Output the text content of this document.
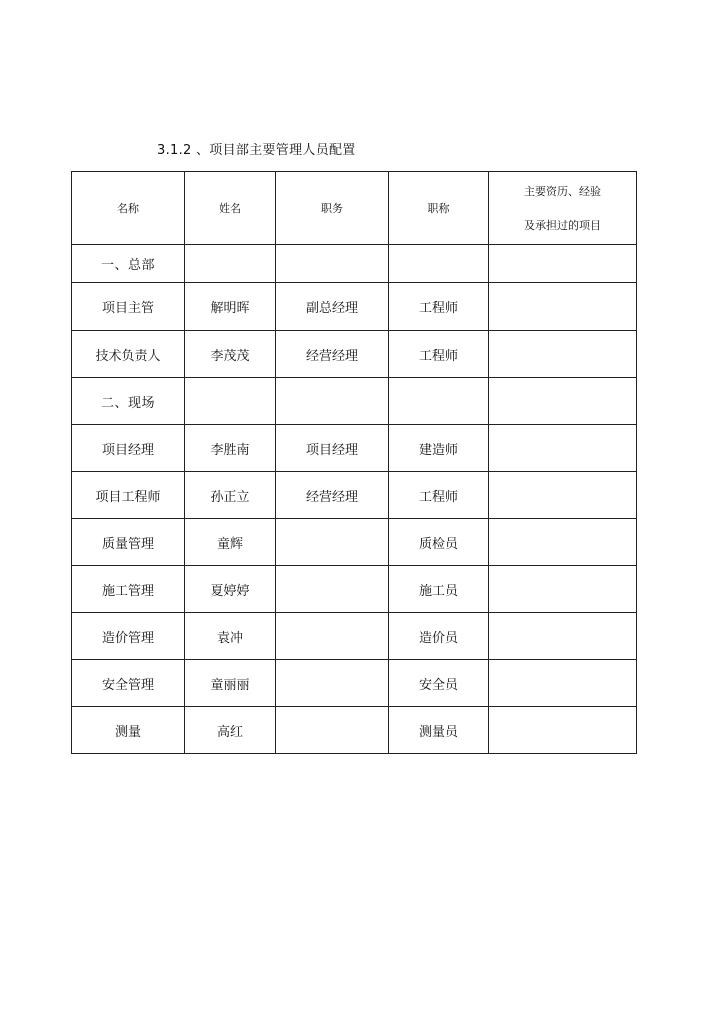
3.1.2 、项目部主要管理人员配置
名称	姓名	职务	职称	主要资历、经验
及承担过的项目

一、总部				
项目主管	解明晖	副总经理	工程师	
技术负责人	李茂茂	经营经理	工程师	
二、现场				
项目经理	李胜南	项目经理	建造师	
项目工程师	孙正立	经营经理	工程师	
质量管理	童辉		质检员	
施工管理	夏婷婷		施工员	
造价管理	袁冲		造价员	
安全管理	童丽丽		安全员	
测量	高红		测量员	
